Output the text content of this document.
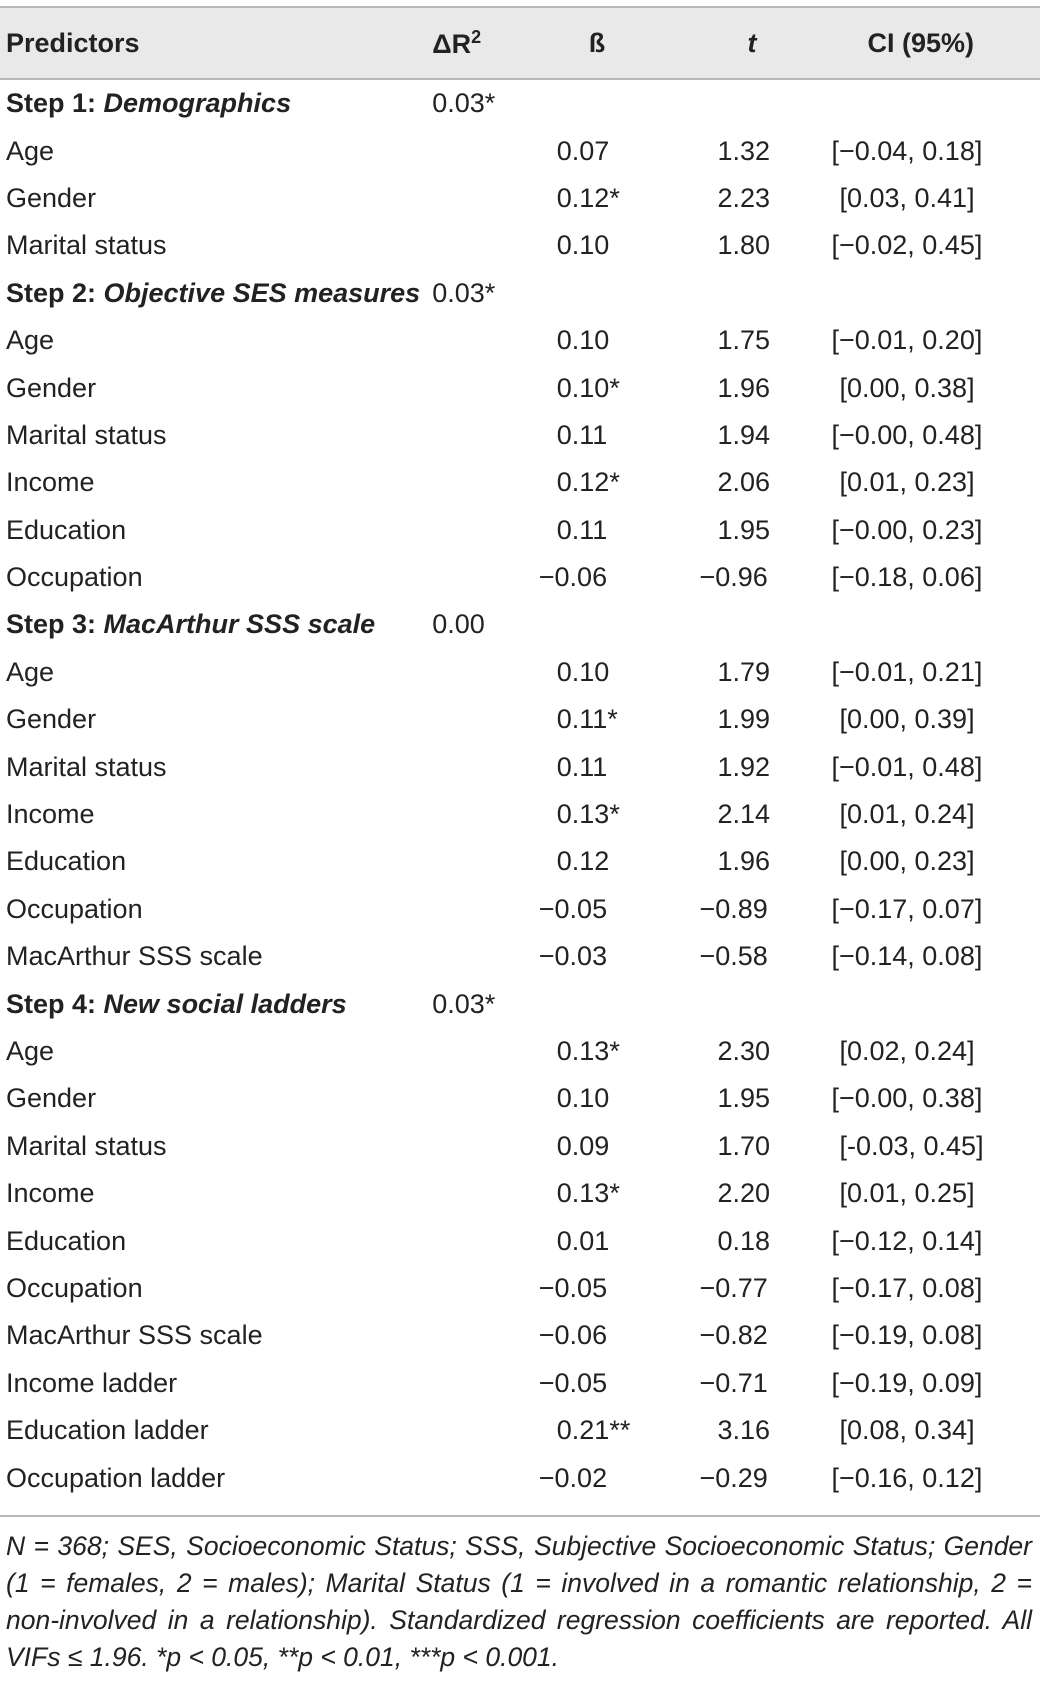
Predictors	$\Delta R^2$	ß	t	CI (95%)
Step 1: Demographics	0.03*			
Age		0.07	1.32	[−0.04, 0.18]
Gender		0.12*	2.23	[0.03, 0.41]
Marital status		0.10	1.80	[−0.02, 0.45]
Step 2: Objective SES measures	0.03*			
Age		0.10	1.75	[−0.01, 0.20]
Gender		0.10*	1.96	[0.00, 0.38]
Marital status		0.11	1.94	[−0.00, 0.48]
Income		0.12*	2.06	[0.01, 0.23]
Education		0.11	1.95	[−0.00, 0.23]
Occupation		−0.06	−0.96	[−0.18, 0.06]
Step 3: MacArthur SSS scale	0.00			
Age		0.10	1.79	[−0.01, 0.21]
Gender		0.11*	1.99	[0.00, 0.39]
Marital status		0.11	1.92	[−0.01, 0.48]
Income		0.13*	2.14	[0.01, 0.24]
Education		0.12	1.96	[0.00, 0.23]
Occupation		−0.05	−0.89	[−0.17, 0.07]
MacArthur SSS scale		−0.03	−0.58	[−0.14, 0.08]
Step 4: New social ladders	0.03*			
Age		0.13*	2.30	[0.02, 0.24]
Gender		0.10	1.95	[−0.00, 0.38]
Marital status		0.09	1.70	[-0.03, 0.45]
Income		0.13*	2.20	[0.01, 0.25]
Education		0.01	0.18	[−0.12, 0.14]
Occupation		−0.05	−0.77	[−0.17, 0.08]
MacArthur SSS scale		−0.06	−0.82	[−0.19, 0.08]
Income ladder		−0.05	−0.71	[−0.19, 0.09]
Education ladder		0.21**	3.16	[0.08, 0.34]
Occupation ladder		−0.02	−0.29	[−0.16, 0.12]
N = 368; SES, Socioeconomic Status; SSS, Subjective Socioeconomic Status; Gender (1 = females, 2 = males); Marital Status (1 = involved in a romantic relationship, 2 = non-involved in a relationship). Standardized regression coefficients are reported. All VIFs ≤ 1.96. *p < 0.05, **p < 0.01, ***p < 0.001.
